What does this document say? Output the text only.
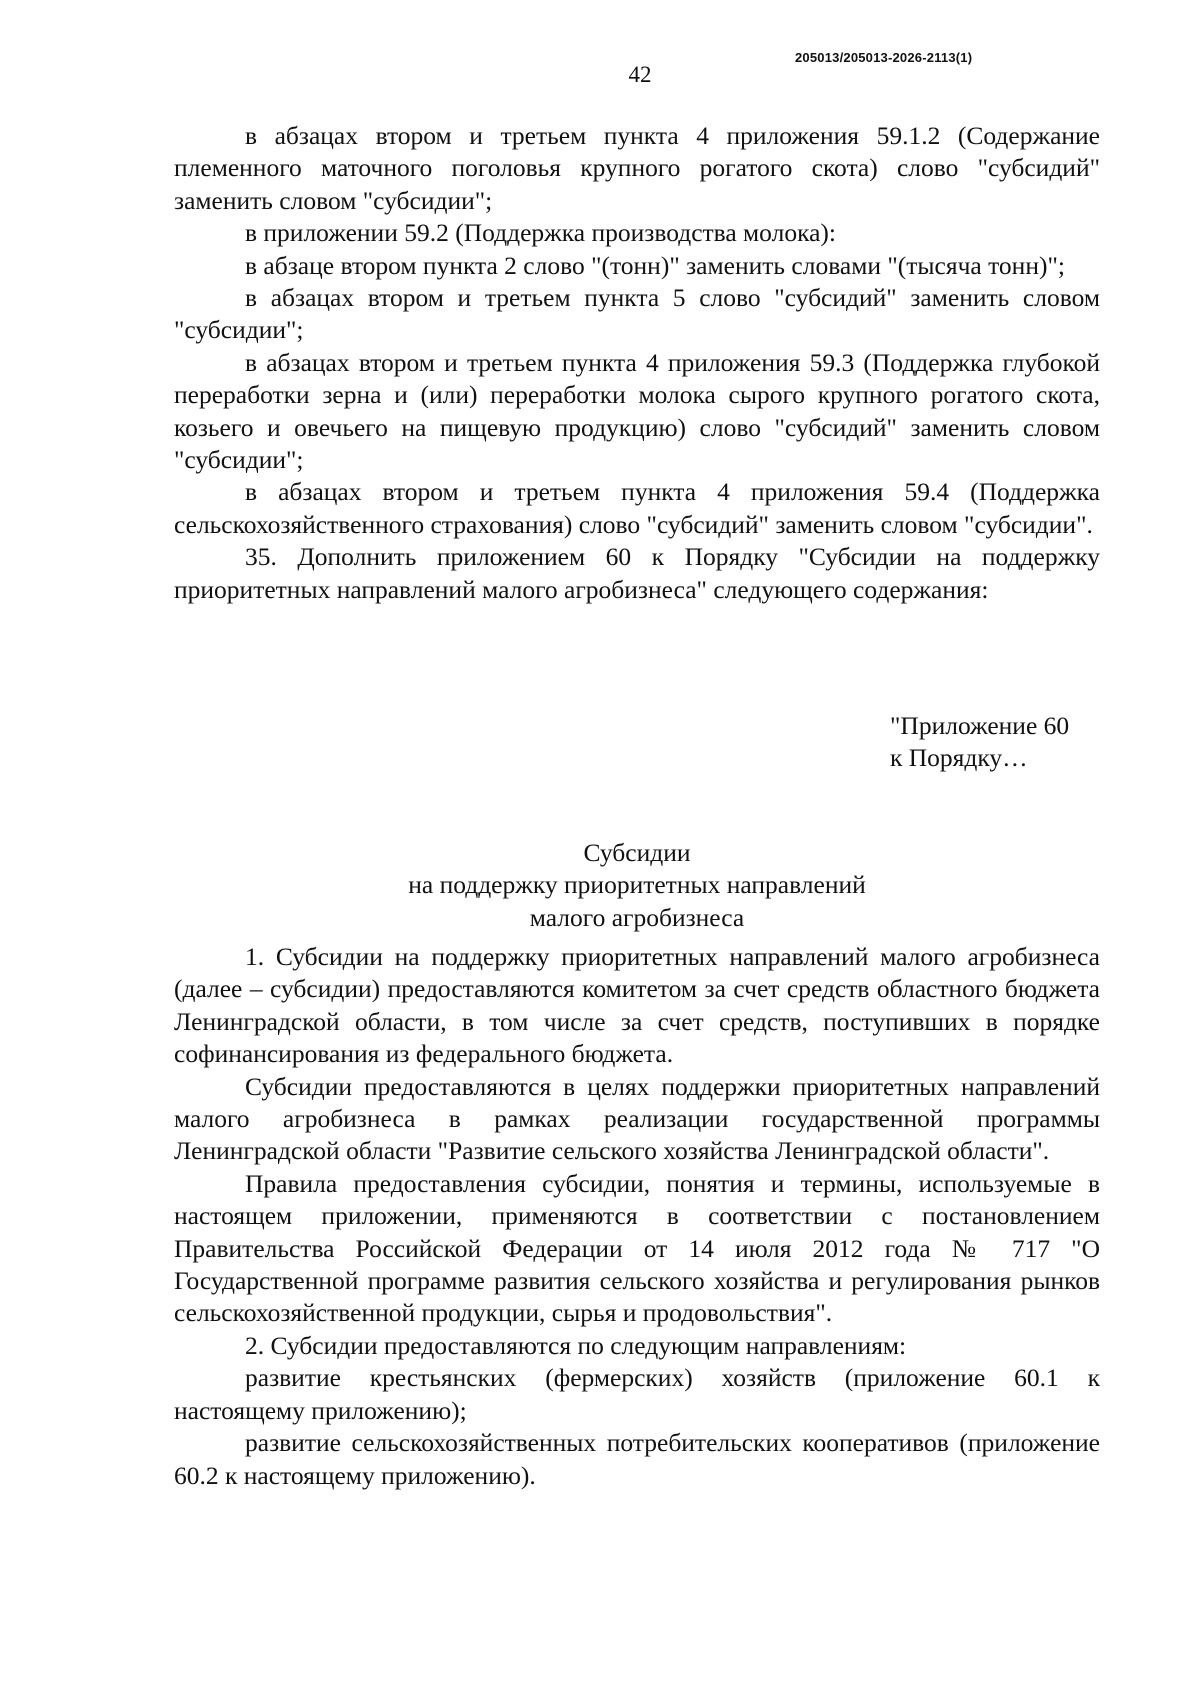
205013/205013-2026-2113(1)
42

в абзацах втором и третьем пункта 4 приложения 59.1.2 (Содержание племенного маточного поголовья крупного рогатого скота) слово "субсидий" заменить словом "субсидии";

в приложении 59.2 (Поддержка производства молока):

в абзаце втором пункта 2 слово "(тонн)" заменить словами "(тысяча тонн)";

в абзацах втором и третьем пункта 5 слово "субсидий" заменить словом "субсидии";

в абзацах втором и третьем пункта 4 приложения 59.3 (Поддержка глубокой переработки зерна и (или) переработки молока сырого крупного рогатого скота, козьего и овечьего на пищевую продукцию) слово "субсидий" заменить словом "субсидии";

в абзацах втором и третьем пункта 4 приложения 59.4 (Поддержка сельскохозяйственного страхования) слово "субсидий" заменить словом "субсидии".

35. Дополнить приложением 60 к Порядку "Субсидии на поддержку приоритетных направлений малого агробизнеса" следующего содержания:

"Приложение 60
к Порядку…
Субсидии
на поддержку приоритетных направлений
малого агробизнеса

1. Субсидии на поддержку приоритетных направлений малого агробизнеса (далее – субсидии) предоставляются комитетом за счет средств областного бюджета Ленинградской области, в том числе за счет средств, поступивших в порядке софинансирования из федерального бюджета.

Субсидии предоставляются в целях поддержки приоритетных направлений малого агробизнеса в рамках реализации государственной программы Ленинградской области "Развитие сельского хозяйства Ленинградской области".

Правила предоставления субсидии, понятия и термины, используемые в настоящем приложении, применяются в соответствии с постановлением Правительства Российской Федерации от 14 июля 2012 года № 717 "О Государственной программе развития сельского хозяйства и регулирования рынков сельскохозяйственной продукции, сырья и продовольствия".

2. Субсидии предоставляются по следующим направлениям:

развитие крестьянских (фермерских) хозяйств (приложение 60.1 к настоящему приложению);

развитие сельскохозяйственных потребительских кооперативов (приложение 60.2 к настоящему приложению).
